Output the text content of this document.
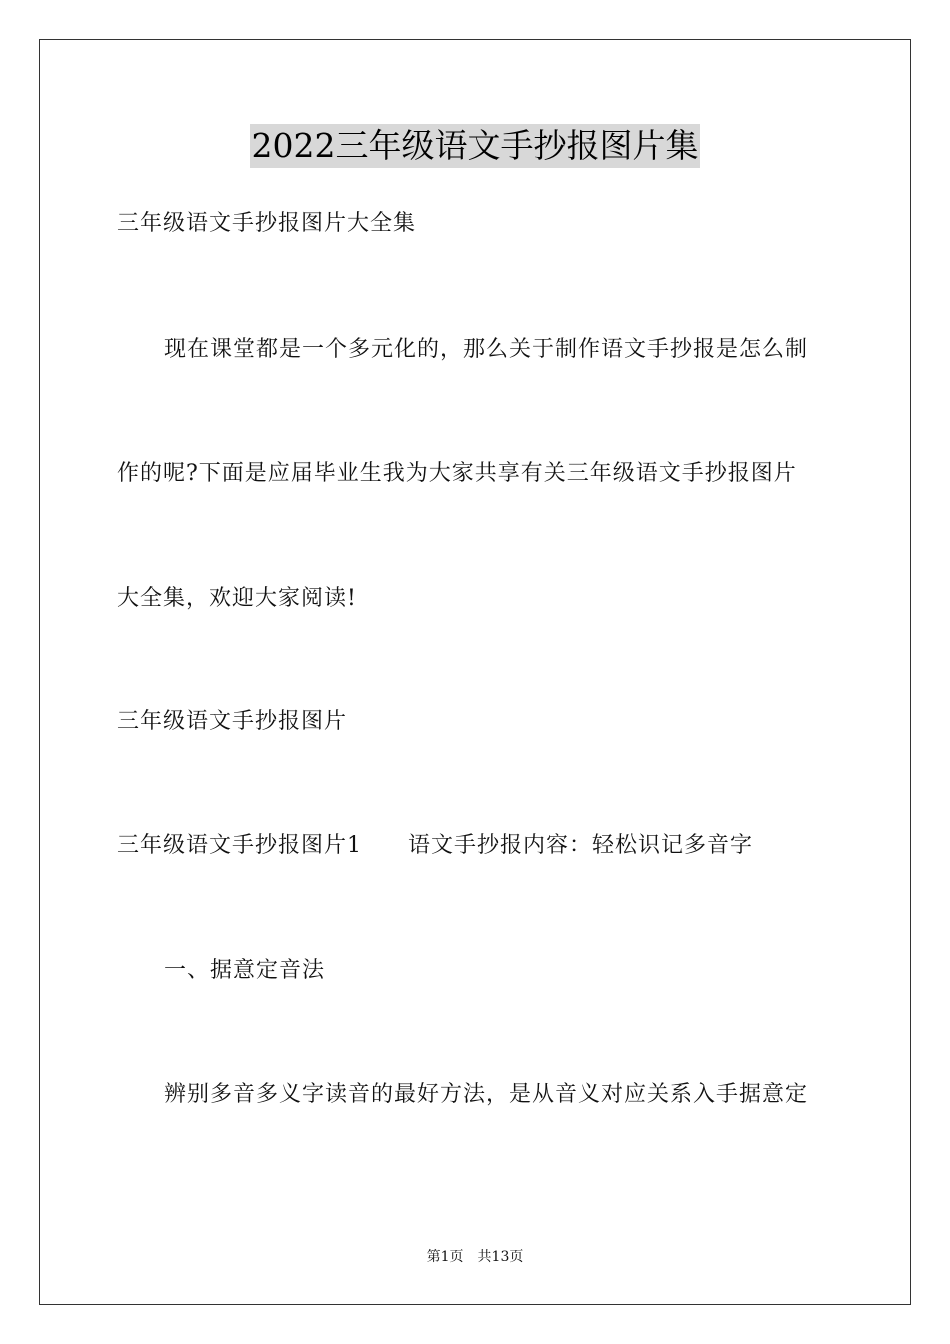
2022三年级语文手抄报图片集
三年级语文手抄报图片大全集
现在课堂都是一个多元化的，那么关于制作语文手抄报是怎么制
作的呢?下面是应届毕业生我为大家共享有关三年级语文手抄报图片
大全集，欢迎大家阅读!
三年级语文手抄报图片
三年级语文手抄报图片1 语文手抄报内容：轻松识记多音字
一、据意定音法
辨别多音多义字读音的最好方法，是从音义对应关系入手据意定
第1页 共13页
